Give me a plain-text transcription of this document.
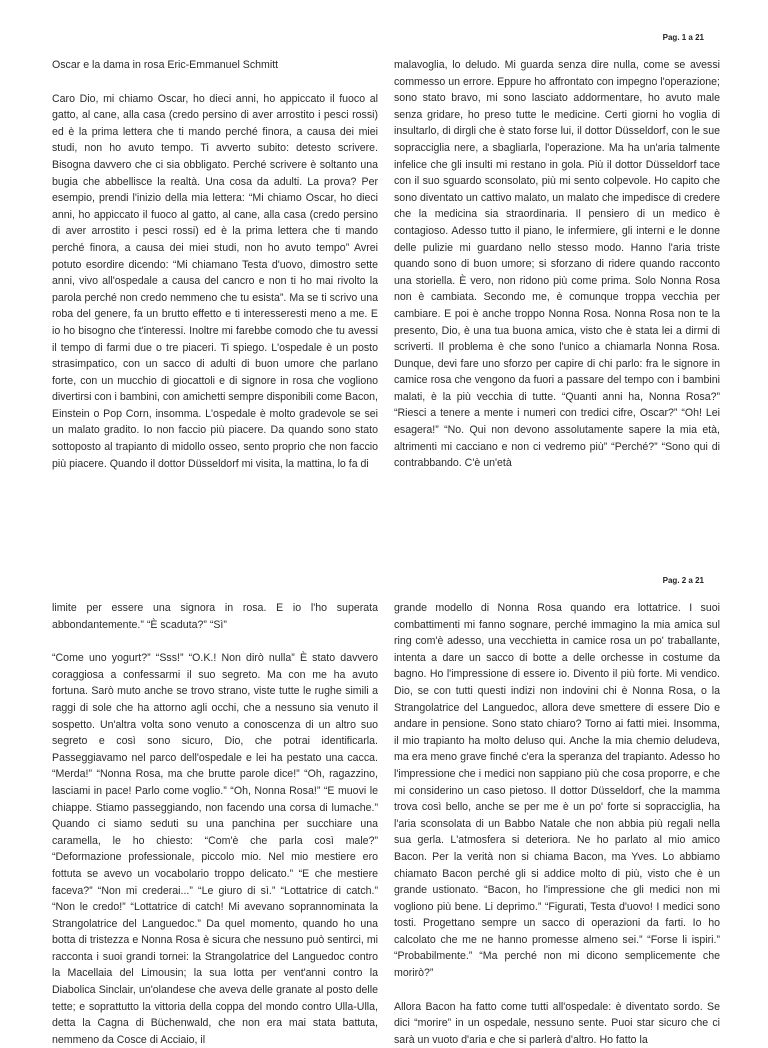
Pag. 1 a 21

Oscar e la dama in rosa Eric-Emmanuel Schmitt

Caro Dio, mi chiamo Oscar, ho dieci anni, ho appiccato il fuoco al gatto, al cane, alla casa (credo persino di aver arrostito i pesci rossi) ed è la prima lettera che ti mando perché finora, a causa dei miei studi, non ho avuto tempo. Ti avverto subito: detesto scrivere. Bisogna davvero che ci sia obbligato. Perché scrivere è soltanto una bugia che abbellisce la realtà. Una cosa da adulti. La prova? Per esempio, prendi l'inizio della mia lettera: “Mi chiamo Oscar, ho dieci anni, ho appiccato il fuoco al gatto, al cane, alla casa (credo persino di aver arrostito i pesci rossi) ed è la prima lettera che ti mando perché finora, a causa dei miei studi, non ho avuto tempo” Avrei potuto esordire dicendo: “Mi chiamano Testa d'uovo, dimostro sette anni, vivo all'ospedale a causa del cancro e non ti ho mai rivolto la parola perché non credo nemmeno che tu esista”. Ma se ti scrivo una roba del genere, fa un brutto effetto e ti interesseresti meno a me. E io ho bisogno che t'interessi. Inoltre mi farebbe comodo che tu avessi il tempo di farmi due o tre piaceri. Ti spiego. L'ospedale è un posto strasimpatico, con un sacco di adulti di buon umore che parlano forte, con un mucchio di giocattoli e di signore in rosa che vogliono divertirsi con i bambini, con amichetti sempre disponibili come Bacon, Einstein o Pop Corn, insomma. L'ospedale è molto gradevole se sei un malato gradito. Io non faccio più piacere. Da quando sono stato sottoposto al trapianto di midollo osseo, sento proprio che non faccio più piacere. Quando il dottor Düsseldorf mi visita, la mattina, lo fa di

malavoglia, lo deludo. Mi guarda senza dire nulla, come se avessi commesso un errore. Eppure ho affrontato con impegno l'operazione; sono stato bravo, mi sono lasciato addormentare, ho avuto male senza gridare, ho preso tutte le medicine. Certi giorni ho voglia di insultarlo, di dirgli che è stato forse lui, il dottor Düsseldorf, con le sue sopracciglia nere, a sbagliarla, l'operazione. Ma ha un'aria talmente infelice che gli insulti mi restano in gola. Più il dottor Düsseldorf tace con il suo sguardo sconsolato, più mi sento colpevole. Ho capito che sono diventato un cattivo malato, un malato che impedisce di credere che la medicina sia straordinaria. Il pensiero di un medico è contagioso. Adesso tutto il piano, le infermiere, gli interni e le donne delle pulizie mi guardano nello stesso modo. Hanno l'aria triste quando sono di buon umore; si sforzano di ridere quando racconto una storiella. È vero, non ridono più come prima. Solo Nonna Rosa non è cambiata. Secondo me, è comunque troppa vecchia per cambiare. E poi è anche troppo Nonna Rosa. Nonna Rosa non te la presento, Dio, è una tua buona amica, visto che è stata lei a dirmi di scriverti. Il problema è che sono l'unico a chiamarla Nonna Rosa. Dunque, devi fare uno sforzo per capire di chi parlo: fra le signore in camice rosa che vengono da fuori a passare del tempo con i bambini malati, è la più vecchia di tutte. “Quanti anni ha, Nonna Rosa?” “Riesci a tenere a mente i numeri con tredici cifre, Oscar?” “Oh! Lei esagera!” “No. Qui non devono assolutamente sapere la mia età, altrimenti mi cacciano e non ci vedremo più” “Perché?” “Sono qui di contrabbando. C'è un'età

Pag. 2 a 21

limite per essere una signora in rosa. E io l'ho superata abbondantemente.” “È scaduta?” “Sì”

“Come uno yogurt?” “Sss!” “O.K.! Non dirò nulla” È stato davvero coraggiosa a confessarmi il suo segreto. Ma con me ha avuto fortuna. Sarò muto anche se trovo strano, viste tutte le rughe simili a raggi di sole che ha attorno agli occhi, che a nessuno sia venuto il sospetto. Un'altra volta sono venuto a conoscenza di un altro suo segreto e così sono sicuro, Dio, che potrai identificarla. Passeggiavamo nel parco dell'ospedale e lei ha pestato una cacca. “Merda!” “Nonna Rosa, ma che brutte parole dice!” “Oh, ragazzino, lasciami in pace! Parlo come voglio.” “Oh, Nonna Rosa!” “E muovi le chiappe. Stiamo passeggiando, non facendo una corsa di lumache.” Quando ci siamo seduti su una panchina per succhiare una caramella, le ho chiesto: “Com'è che parla così male?” “Deformazione professionale, piccolo mio. Nel mio mestiere ero fottuta se avevo un vocabolario troppo delicato.” “E che mestiere faceva?” “Non mi crederai...” “Le giuro di sì.” “Lottatrice di catch.” “Non le credo!” “Lottatrice di catch! Mi avevano soprannominata la Strangolatrice del Languedoc.” Da quel momento, quando ho una botta di tristezza e Nonna Rosa è sicura che nessuno può sentirci, mi racconta i suoi grandi tornei: la Strangolatrice del Languedoc contro la Macellaia del Limousin; la sua lotta per vent'anni contro la Diabolica Sinclair, un'olandese che aveva delle granate al posto delle tette; e soprattutto la vittoria della coppa del mondo contro Ulla-Ulla, detta la Cagna di Büchenwald, che non era mai stata battuta, nemmeno da Cosce di Acciaio, il

grande modello di Nonna Rosa quando era lottatrice. I suoi combattimenti mi fanno sognare, perché immagino la mia amica sul ring com'è adesso, una vecchietta in camice rosa un po' traballante, intenta a dare un sacco di botte a delle orchesse in costume da bagno. Ho l'impressione di essere io. Divento il più forte. Mi vendico. Dio, se con tutti questi indizi non indovini chi è Nonna Rosa, o la Strangolatrice del Languedoc, allora deve smettere di essere Dio e andare in pensione. Sono stato chiaro? Torno ai fatti miei. Insomma, il mio trapianto ha molto deluso qui. Anche la mia chemio deludeva, ma era meno grave finché c'era la speranza del trapianto. Adesso ho l'impressione che i medici non sappiano più che cosa proporre, e che mi considerino un caso pietoso. Il dottor Düsseldorf, che la mamma trova così bello, anche se per me è un po' forte si sopracciglia, ha l'aria sconsolata di un Babbo Natale che non abbia più regali nella sua gerla. L'atmosfera si deteriora. Ne ho parlato al mio amico Bacon. Per la verità non si chiama Bacon, ma Yves. Lo abbiamo chiamato Bacon perché gli si addice molto di più, visto che è un grande ustionato. “Bacon, ho l'impressione che gli medici non mi vogliono più bene. Li deprimo.” “Figurati, Testa d'uovo! I medici sono tosti. Progettano sempre un sacco di operazioni da farti. Io ho calcolato che me ne hanno promesse almeno sei.” “Forse li ispiri.” “Probabilmente.” “Ma perché non mi dicono semplicemente che morirò?”

Allora Bacon ha fatto come tutti all'ospedale: è diventato sordo. Se dici “morire” in un ospedale, nessuno sente. Puoi star sicuro che ci sarà un vuoto d'aria e che si parlerà d'altro. Ho fatto la
